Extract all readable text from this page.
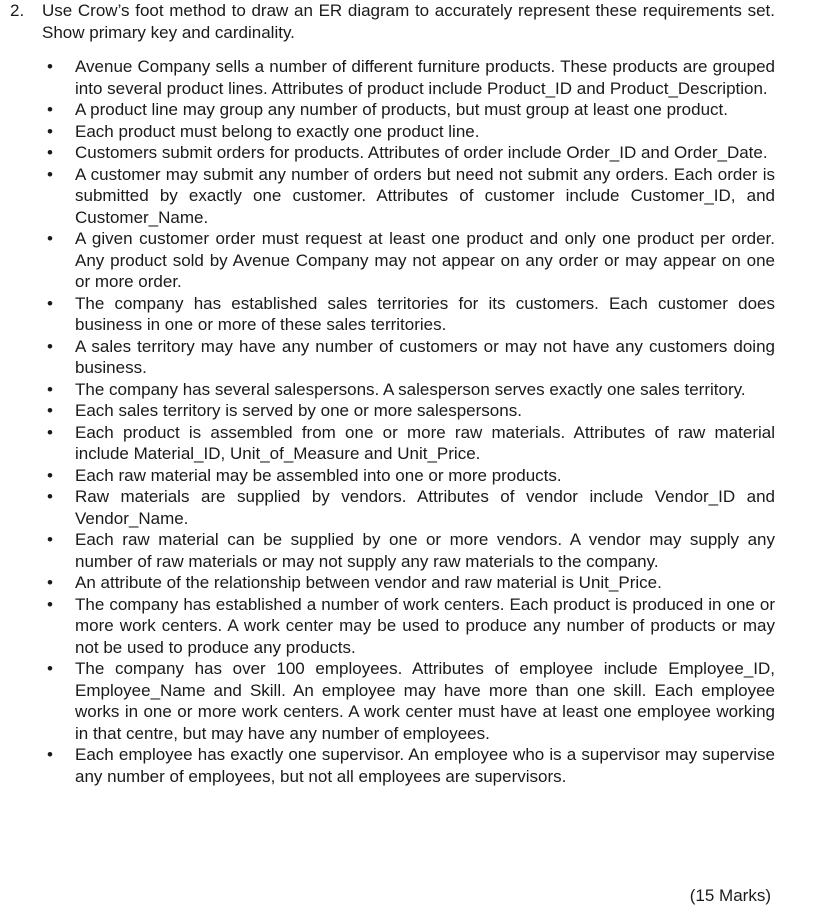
2.	Use Crow’s foot method to draw an ER diagram to accurately represent these requirements set. Show primary key and cardinality.
• Avenue Company sells a number of different furniture products. These products are grouped into several product lines. Attributes of product include Product_ID and Product_Description.
• A product line may group any number of products, but must group at least one product.
• Each product must belong to exactly one product line.
• Customers submit orders for products. Attributes of order include Order_ID and Order_Date.
• A customer may submit any number of orders but need not submit any orders. Each order is submitted by exactly one customer. Attributes of customer include Customer_ID, and Customer_Name.
• A given customer order must request at least one product and only one product per order. Any product sold by Avenue Company may not appear on any order or may appear on one or more order.
• The company has established sales territories for its customers. Each customer does business in one or more of these sales territories.
• A sales territory may have any number of customers or may not have any customers doing business.
• The company has several salespersons. A salesperson serves exactly one sales territory.
• Each sales territory is served by one or more salespersons.
• Each product is assembled from one or more raw materials. Attributes of raw material include Material_ID, Unit_of_Measure and Unit_Price.
• Each raw material may be assembled into one or more products.
• Raw materials are supplied by vendors. Attributes of vendor include Vendor_ID and Vendor_Name.
• Each raw material can be supplied by one or more vendors. A vendor may supply any number of raw materials or may not supply any raw materials to the company.
• An attribute of the relationship between vendor and raw material is Unit_Price.
• The company has established a number of work centers. Each product is produced in one or more work centers. A work center may be used to produce any number of products or may not be used to produce any products.
• The company has over 100 employees. Attributes of employee include Employee_ID, Employee_Name and Skill. An employee may have more than one skill. Each employee works in one or more work centers. A work center must have at least one employee working in that centre, but may have any number of employees.
• Each employee has exactly one supervisor. An employee who is a supervisor may supervise any number of employees, but not all employees are supervisors.
(15 Marks)
